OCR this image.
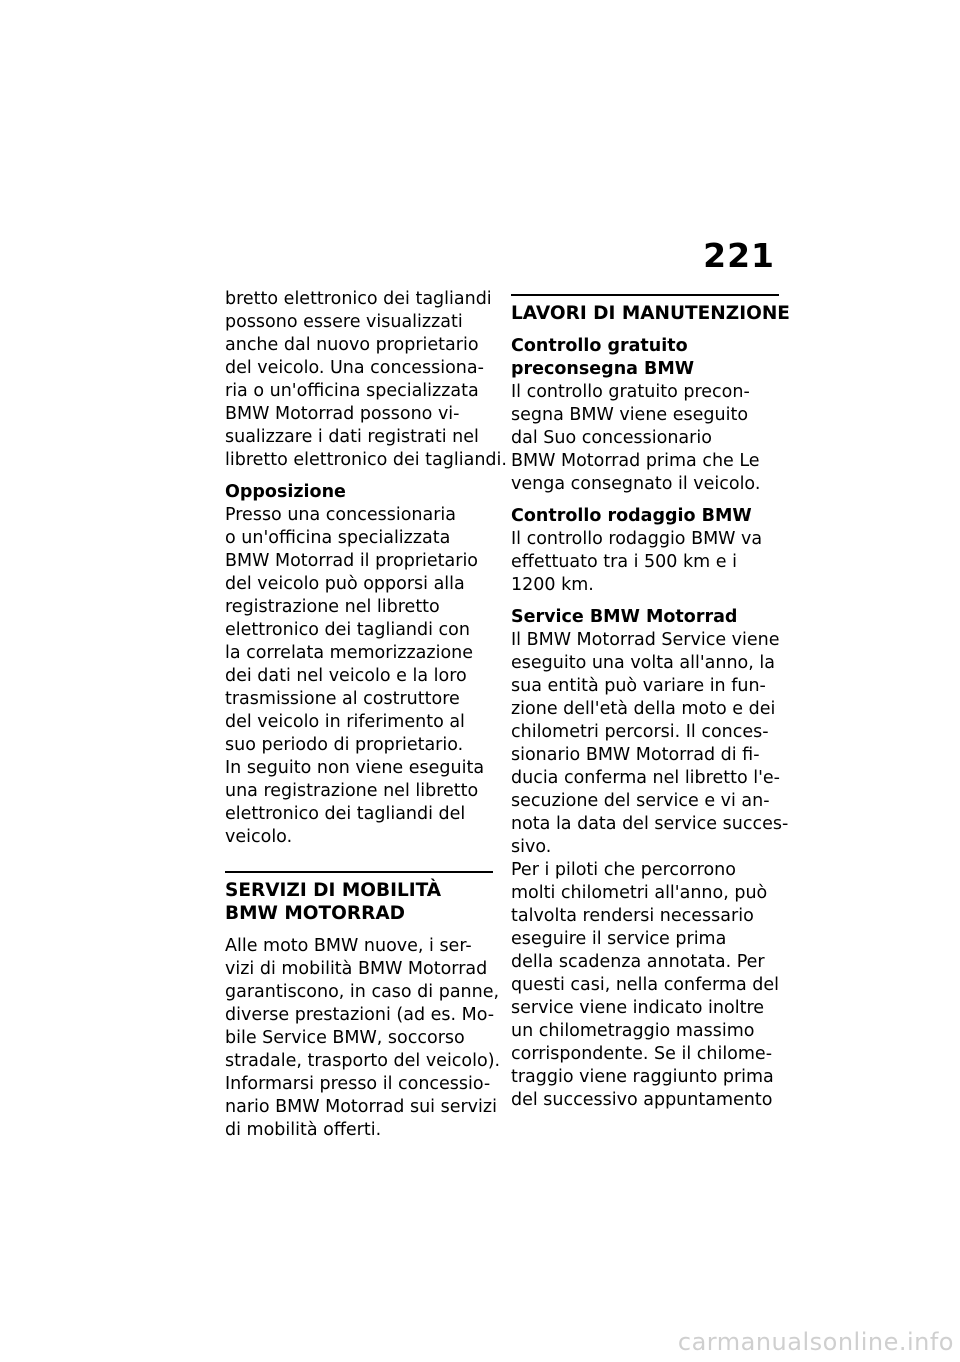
221
bretto elettronico dei tagliandi
possono essere visualizzati
anche dal nuovo proprietario
del veicolo. Una concessiona-
ria o un'officina specializzata
BMW Motorrad possono vi-
sualizzare i dati registrati nel
libretto elettronico dei tagliandi.
Opposizione
Presso una concessionaria
o un'officina specializzata
BMW Motorrad il proprietario
del veicolo può opporsi alla
registrazione nel libretto
elettronico dei tagliandi con
la correlata memorizzazione
dei dati nel veicolo e la loro
trasmissione al costruttore
del veicolo in riferimento al
suo periodo di proprietario.
In seguito non viene eseguita
una registrazione nel libretto
elettronico dei tagliandi del
veicolo.
SERVIZI DI MOBILITÀ
BMW MOTORRAD
Alle moto BMW nuove, i ser-
vizi di mobilità BMW Motorrad
garantiscono, in caso di panne,
diverse prestazioni (ad es. Mo-
bile Service BMW, soccorso
stradale, trasporto del veicolo).
Informarsi presso il concessio-
nario BMW Motorrad sui servizi
di mobilità offerti.
LAVORI DI MANUTENZIONE
Controllo gratuito
preconsegna BMW
Il controllo gratuito precon-
segna BMW viene eseguito
dal Suo concessionario
BMW Motorrad prima che Le
venga consegnato il veicolo.
Controllo rodaggio BMW
Il controllo rodaggio BMW va
effettuato tra i 500 km e i
1200 km.
Service BMW Motorrad
Il BMW Motorrad Service viene
eseguito una volta all'anno, la
sua entità può variare in fun-
zione dell'età della moto e dei
chilometri percorsi. Il conces-
sionario BMW Motorrad di fi-
ducia conferma nel libretto l'e-
secuzione del service e vi an-
nota la data del service succes-
sivo.
Per i piloti che percorrono
molti chilometri all'anno, può
talvolta rendersi necessario
eseguire il service prima
della scadenza annotata. Per
questi casi, nella conferma del
service viene indicato inoltre
un chilometraggio massimo
corrispondente. Se il chilome-
traggio viene raggiunto prima
del successivo appuntamento
carmanualsonline.info
